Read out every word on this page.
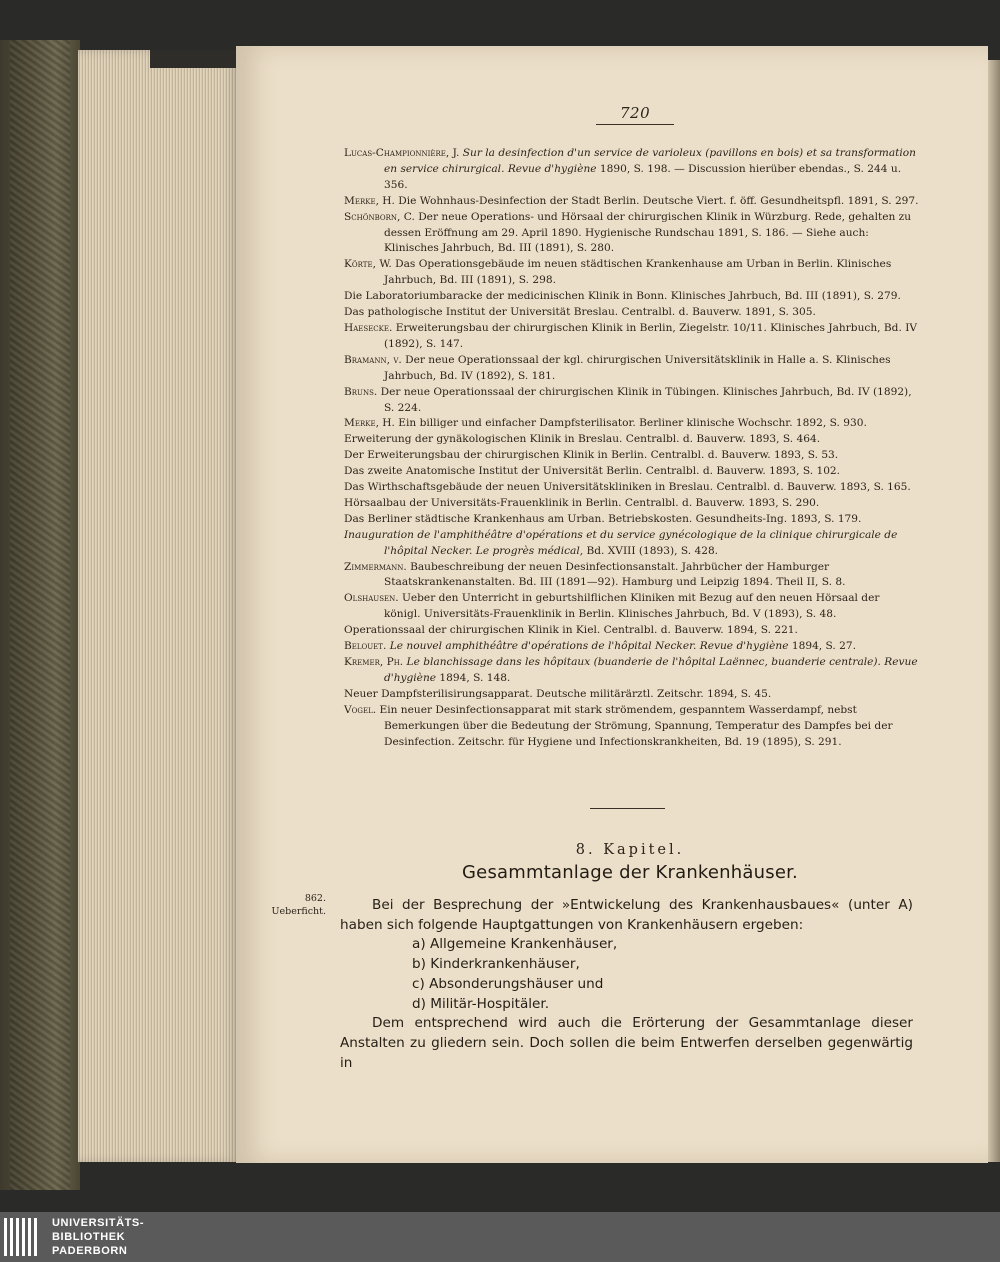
720

Lucas-Championnière, J. Sur la desinfection d'un service de varioleux (pavillons en bois) et sa transformation en service chirurgical. Revue d'hygiène 1890, S. 198. — Discussion hierüber ebendas., S. 244 u. 356.

Merke, H. Die Wohnhaus-Desinfection der Stadt Berlin. Deutsche Viert. f. öff. Gesundheitspfl. 1891, S. 297.

Schönborn, C. Der neue Operations- und Hörsaal der chirurgischen Klinik in Würzburg. Rede, gehalten zu dessen Eröffnung am 29. April 1890. Hygienische Rundschau 1891, S. 186. — Siehe auch: Klinisches Jahrbuch, Bd. III (1891), S. 280.

Körte, W. Das Operationsgebäude im neuen städtischen Krankenhause am Urban in Berlin. Klinisches Jahrbuch, Bd. III (1891), S. 298.

Die Laboratoriumbaracke der medicinischen Klinik in Bonn. Klinisches Jahrbuch, Bd. III (1891), S. 279.

Das pathologische Institut der Universität Breslau. Centralbl. d. Bauverw. 1891, S. 305.

Haesecke. Erweiterungsbau der chirurgischen Klinik in Berlin, Ziegelstr. 10/11. Klinisches Jahrbuch, Bd. IV (1892), S. 147.

Bramann, v. Der neue Operationssaal der kgl. chirurgischen Universitätsklinik in Halle a. S. Klinisches Jahrbuch, Bd. IV (1892), S. 181.

Bruns. Der neue Operationssaal der chirurgischen Klinik in Tübingen. Klinisches Jahrbuch, Bd. IV (1892), S. 224.

Merke, H. Ein billiger und einfacher Dampfsterilisator. Berliner klinische Wochschr. 1892, S. 930.

Erweiterung der gynäkologischen Klinik in Breslau. Centralbl. d. Bauverw. 1893, S. 464.

Der Erweiterungsbau der chirurgischen Klinik in Berlin. Centralbl. d. Bauverw. 1893, S. 53.

Das zweite Anatomische Institut der Universität Berlin. Centralbl. d. Bauverw. 1893, S. 102.

Das Wirthschaftsgebäude der neuen Universitätskliniken in Breslau. Centralbl. d. Bauverw. 1893, S. 165.

Hörsaalbau der Universitäts-Frauenklinik in Berlin. Centralbl. d. Bauverw. 1893, S. 290.

Das Berliner städtische Krankenhaus am Urban. Betriebskosten. Gesundheits-Ing. 1893, S. 179.

Inauguration de l'amphithéâtre d'opérations et du service gynécologique de la clinique chirurgicale de l'hôpital Necker. Le progrès médical, Bd. XVIII (1893), S. 428.

Zimmermann. Baubeschreibung der neuen Desinfectionsanstalt. Jahrbücher der Hamburger Staatskrankenanstalten. Bd. III (1891—92). Hamburg und Leipzig 1894. Theil II, S. 8.

Olshausen. Ueber den Unterricht in geburtshilflichen Kliniken mit Bezug auf den neuen Hörsaal der königl. Universitäts-Frauenklinik in Berlin. Klinisches Jahrbuch, Bd. V (1893), S. 48.

Operationssaal der chirurgischen Klinik in Kiel. Centralbl. d. Bauverw. 1894, S. 221.

Belouet. Le nouvel amphithéâtre d'opérations de l'hôpital Necker. Revue d'hygiène 1894, S. 27.

Kremer, Ph. Le blanchissage dans les hôpitaux (buanderie de l'hôpital Laënnec, buanderie centrale). Revue d'hygiène 1894, S. 148.

Neuer Dampfsterilisirungsapparat. Deutsche militärärztl. Zeitschr. 1894, S. 45.

Vogel. Ein neuer Desinfectionsapparat mit stark strömendem, gespanntem Wasserdampf, nebst Bemerkungen über die Bedeutung der Strömung, Spannung, Temperatur des Dampfes bei der Desinfection. Zeitschr. für Hygiene und Infectionskrankheiten, Bd. 19 (1895), S. 291.

8. Kapitel.
Gesammtanlage der Krankenhäuser.
862.
Ueberficht.	Bei der Besprechung der »Entwickelung des Krankenhausbaues« (unter A) haben sich folgende Hauptgattungen von Krankenhäusern ergeben:

a) Allgemeine Krankenhäuser,
b) Kinderkrankenhäuser,
c) Absonderungshäuser und
d) Militär-Hospitäler.

Dem entsprechend wird auch die Erörterung der Gesammtanlage dieser Anstalten zu gliedern sein. Doch sollen die beim Entwerfen derselben gegenwärtig in

UNIVERSITÄTS-
BIBLIOTHEK
PADERBORN
